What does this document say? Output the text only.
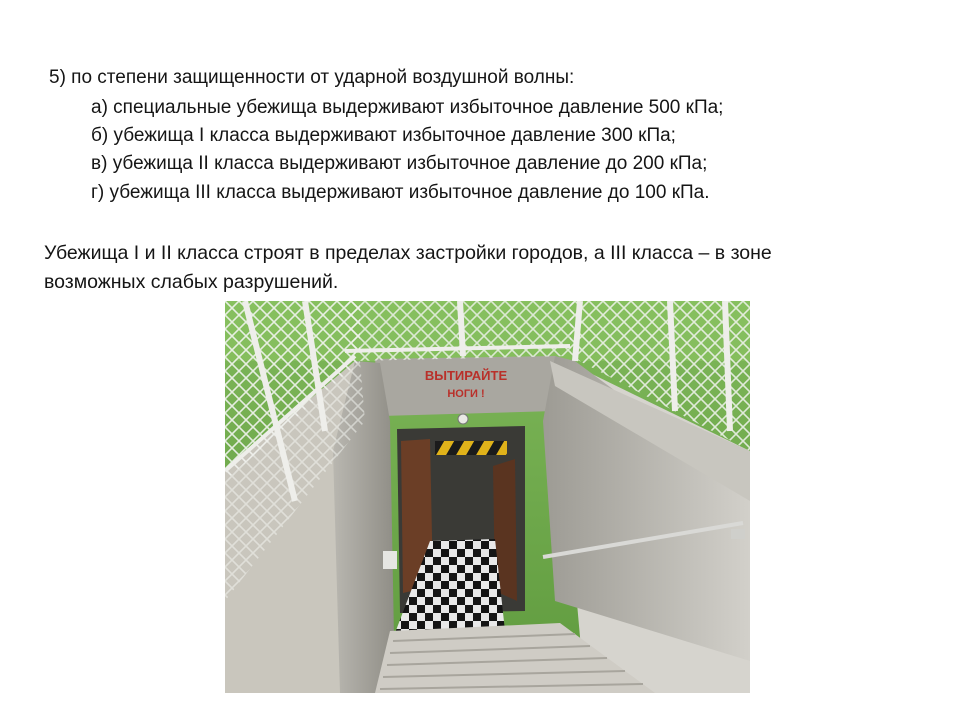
5) по степени защищенности от ударной воздушной волны:
а) специальные убежища выдерживают избыточное давление 500 кПа;
б) убежища I класса выдерживают избыточное давление 300 кПа;
в) убежища II класса выдерживают избыточное давление до 200 кПа;
г) убежища III класса выдерживают избыточное давление до 100 кПа.
Убежища I и II класса строят в пределах застройки городов, а III класса – в зоне
возможных слабых разрушений.
ВЫТИРАЙТЕ
НОГИ !
